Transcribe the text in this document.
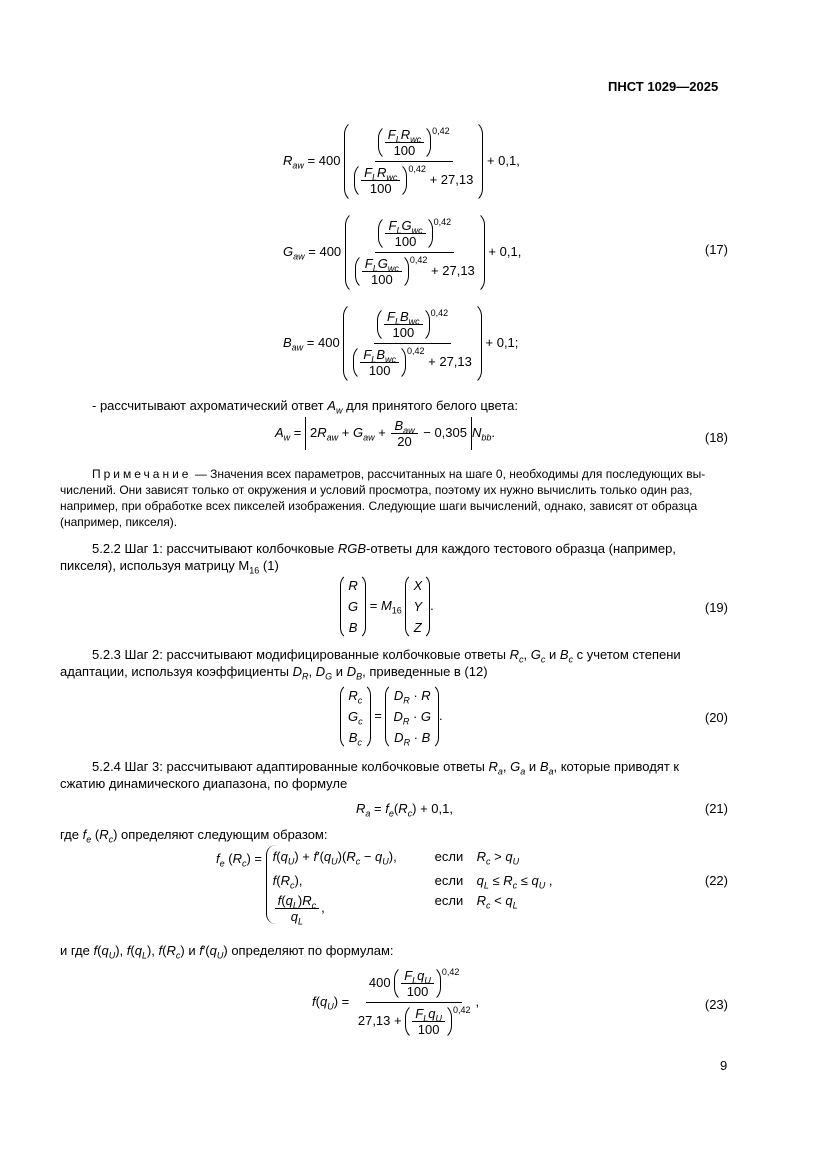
ПНСТ 1029—2025
$R_{aw} = 400 \frac{\frac{F_LR_{wc}}{100} ^{0,42}}{\frac{F_LR_{wc}}{100} ^{0,42} + 27,13} + 0,1$,
$G_{aw} = 400 \frac{\frac{F_LG_{wc}}{100} ^{0,42}}{\frac{F_LG_{wc}}{100} ^{0,42} + 27,13} + 0,1$,	(17)
$B_{aw} = 400 \frac{\frac{F_LB_{wc}}{100} ^{0,42}}{\frac{F_LB_{wc}}{100} ^{0,42} + 27,13} + 0,1$;
- рассчитывают ахроматический ответ $A_w$ для принятого белого цвета:
$A_w = 2R_{aw} + G_{aw} + \frac{B_{aw}}{20} - 0,305$ $N_{bb}$.	(18)
Примечание — Значения всех параметров, рассчитанных на шаге 0, необходимы для последующих вы-
числений. Они зависят только от окружения и условий просмотра, поэтому их нужно вычислить только один раз,
например, при обработке всех пикселей изображения. Следующие шаги вычислений, однако, зависят от образца
(например, пикселя).
5.2.2 Шаг 1: рассчитывают колбочковые RGB-ответы для каждого тестового образца (например,
пикселя), используя матрицу $M_{16}$ (1)
R
G
B
= $M_{16}$
X
Y
Z
.	(19)
5.2.3 Шаг 2: рассчитывают модифицированные колбочковые ответы $R_c$, $G_c$ и $B_c$ с учетом степени
адаптации, используя коэффициенты $D_R$, $D_G$ и $D_B$, приведенные в (12)
$R_c$
$G_c$
$B_c$
=
$D_R \cdot R$
$D_R \cdot G$
$D_R \cdot B$
.	(20)
5.2.4 Шаг 3: рассчитывают адаптированные колбочковые ответы $R_a$, $G_a$ и $B_a$, которые приводят к
сжатию динамического диапазона, по формуле
$R_a = f_e(R_c) + 0,1$,	(21)
где $f_e$ $(R_c)$ определяют следующим образом:
$f_e$ $(R_c) = f(q_U) + f'(q_U)(R_c - q_U)$,	если	$R_c > q_U$
$f(R_c)$,	если	$q_L \le R_c \le q_U$ ,
$\frac{f(q_L)R_c}{q_L}$ ,	если	$R_c < q_L$
(22)
и где $f(q_U)$, $f(q_L)$, $f(R_c)$ и $f'(q_U)$ определяют по формулам:
$f(q_U) = \frac{400 \frac{F_Lq_U}{100} ^{0,42}}{27,13 + \frac{F_Lq_U}{100} ^{0,42}}$ ,	(23)
9
